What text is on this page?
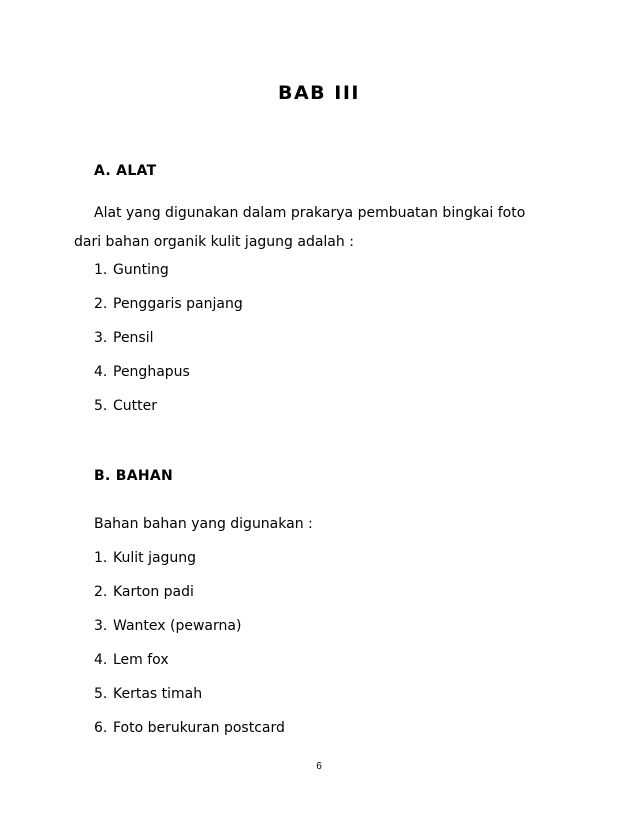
BAB III
A. ALAT

Alat yang digunakan dalam prakarya pembuatan bingkai foto dari bahan organik kulit jagung adalah :

1. Gunting
2. Penggaris panjang
3. Pensil
4. Penghapus
5. Cutter
B. BAHAN

Bahan bahan yang digunakan :

1. Kulit jagung
2. Karton padi
3. Wantex (pewarna)
4. Lem fox
5. Kertas timah
6. Foto berukuran postcard
6
